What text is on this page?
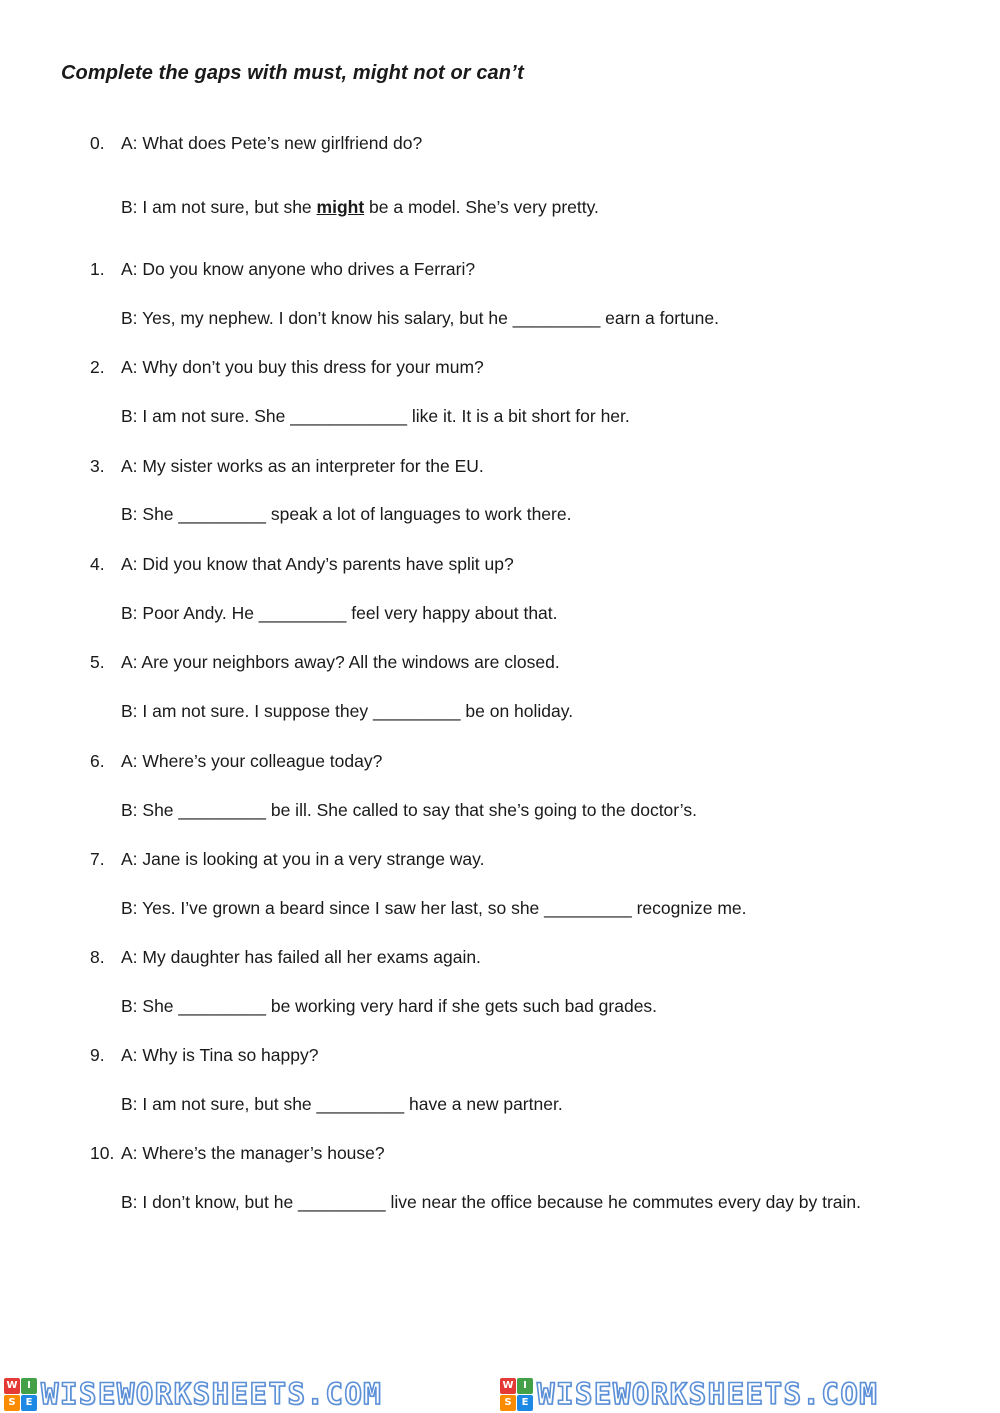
Complete the gaps with must, might not or can’t
0. A: What does Pete’s new girlfriend do?
B: I am not sure, but she might be a model. She’s very pretty.
1. A: Do you know anyone who drives a Ferrari?
B: Yes, my nephew. I don’t know his salary, but he _________ earn a fortune.
2. A: Why don’t you buy this dress for your mum?
B: I am not sure. She ____________ like it. It is a bit short for her.
3. A: My sister works as an interpreter for the EU.
B: She _________ speak a lot of languages to work there.
4. A: Did you know that Andy’s parents have split up?
B: Poor Andy. He _________ feel very happy about that.
5. A: Are your neighbors away? All the windows are closed.
B: I am not sure. I suppose they _________ be on holiday.
6. A: Where’s your colleague today?
B: She _________ be ill. She called to say that she’s going to the doctor’s.
7. A: Jane is looking at you in a very strange way.
B: Yes. I’ve grown a beard since I saw her last, so she _________ recognize me.
8. A: My daughter has failed all her exams again.
B: She _________ be working very hard if she gets such bad grades.
9. A: Why is Tina so happy?
B: I am not sure, but she _________ have a new partner.
10. A: Where’s the manager’s house?
B: I don’t know, but he _________ live near the office because he commutes every day by train.
W I
S E WISEWORKSHEETS.COM	W I
S E WISEWORKSHEETS.COM
